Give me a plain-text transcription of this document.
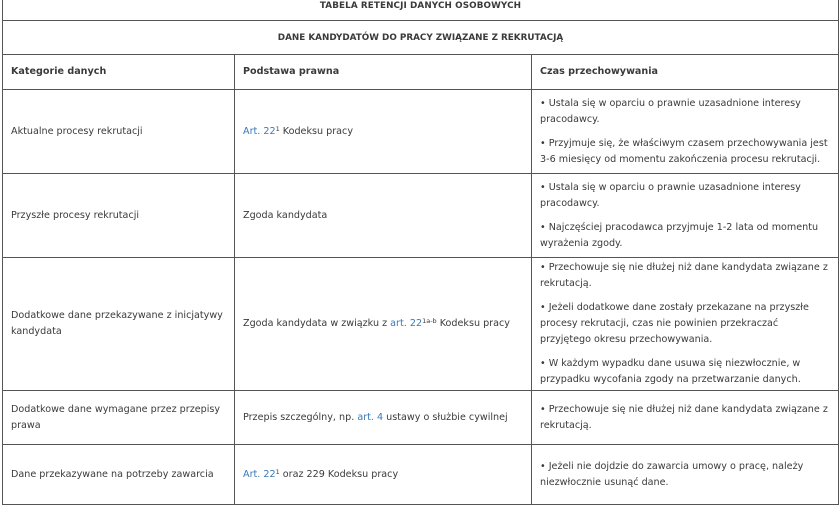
TABELA RETENCJI DANYCH OSOBOWYCH		
DANE KANDYDATÓW DO PRACY ZWIĄZANE Z REKRUTACJĄ		
Kategorie danych	Podstawa prawna	Czas przechowywania
Aktualne procesy rekrutacji	Art. $22^1$ Kodeksu pracy	• Ustala się w oparciu o prawnie uzasadnione interesy pracodawcy.

• Przyjmuje się, że właściwym czasem przechowywania jest 3-6 miesięcy od momentu zakończenia procesu rekrutacji.

Przyszłe procesy rekrutacji	Zgoda kandydata	• Ustala się w oparciu o prawnie uzasadnione interesy pracodawcy.

• Najczęściej pracodawca przyjmuje 1-2 lata od momentu wyrażenia zgody.

Dodatkowe dane przekazywane z inicjatywy kandydata	Zgoda kandydata w związku z art. $22^{1a-b}$ Kodeksu pracy	• Przechowuje się nie dłużej niż dane kandydata związane z rekrutacją.

• Jeżeli dodatkowe dane zostały przekazane na przyszłe procesy rekrutacji, czas nie powinien przekraczać przyjętego okresu przechowywania.

• W każdym wypadku dane usuwa się niezwłocznie, w przypadku wycofania zgody na przetwarzanie danych.

Dodatkowe dane wymagane przez przepisy prawa	Przepis szczególny, np. art. 4 ustawy o służbie cywilnej	• Przechowuje się nie dłużej niż dane kandydata związane z rekrutacją.

Dane przekazywane na potrzeby zawarcia	Art. $22^1$ oraz 229 Kodeksu pracy	• Jeżeli nie dojdzie do zawarcia umowy o pracę, należy niezwłocznie usunąć dane.
